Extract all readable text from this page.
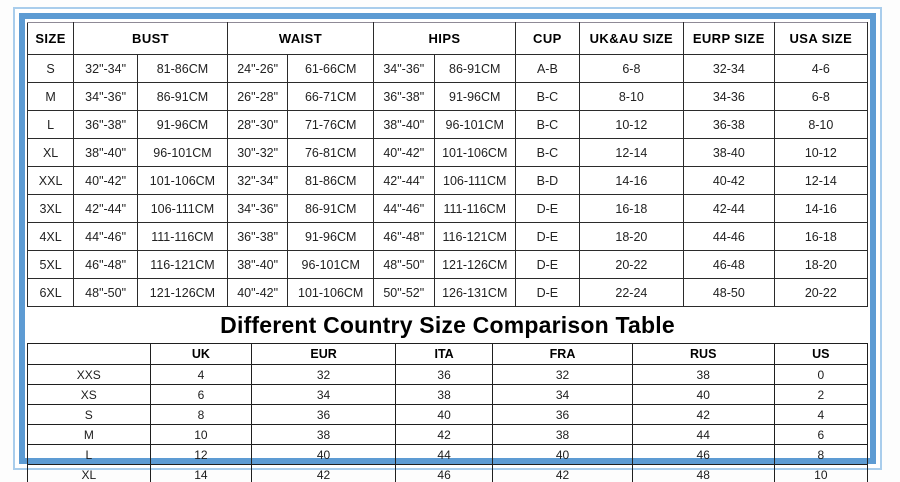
SIZE	BUST		WAIST		HIPS		CUP	UK&AU SIZE	EURP SIZE	USA SIZE
S	32"-34"	81-86CM	24"-26"	61-66CM	34"-36"	86-91CM	A-B	6-8	32-34	4-6
M	34"-36"	86-91CM	26"-28"	66-71CM	36"-38"	91-96CM	B-C	8-10	34-36	6-8
L	36"-38"	91-96CM	28"-30"	71-76CM	38"-40"	96-101CM	B-C	10-12	36-38	8-10
XL	38"-40"	96-101CM	30"-32"	76-81CM	40"-42"	101-106CM	B-C	12-14	38-40	10-12
XXL	40"-42"	101-106CM	32"-34"	81-86CM	42"-44"	106-111CM	B-D	14-16	40-42	12-14
3XL	42"-44"	106-111CM	34"-36"	86-91CM	44"-46"	111-116CM	D-E	16-18	42-44	14-16
4XL	44"-46"	111-116CM	36"-38"	91-96CM	46"-48"	116-121CM	D-E	18-20	44-46	16-18
5XL	46"-48"	116-121CM	38"-40"	96-101CM	48"-50"	121-126CM	D-E	20-22	46-48	18-20
6XL	48"-50"	121-126CM	40"-42"	101-106CM	50"-52"	126-131CM	D-E	22-24	48-50	20-22
Different Country Size Comparison Table
	UK	EUR	ITA	FRA	RUS	US
XXS	4	32	36	32	38	0
XS	6	34	38	34	40	2
S	8	36	40	36	42	4
M	10	38	42	38	44	6
L	12	40	44	40	46	8
XL	14	42	46	42	48	10
